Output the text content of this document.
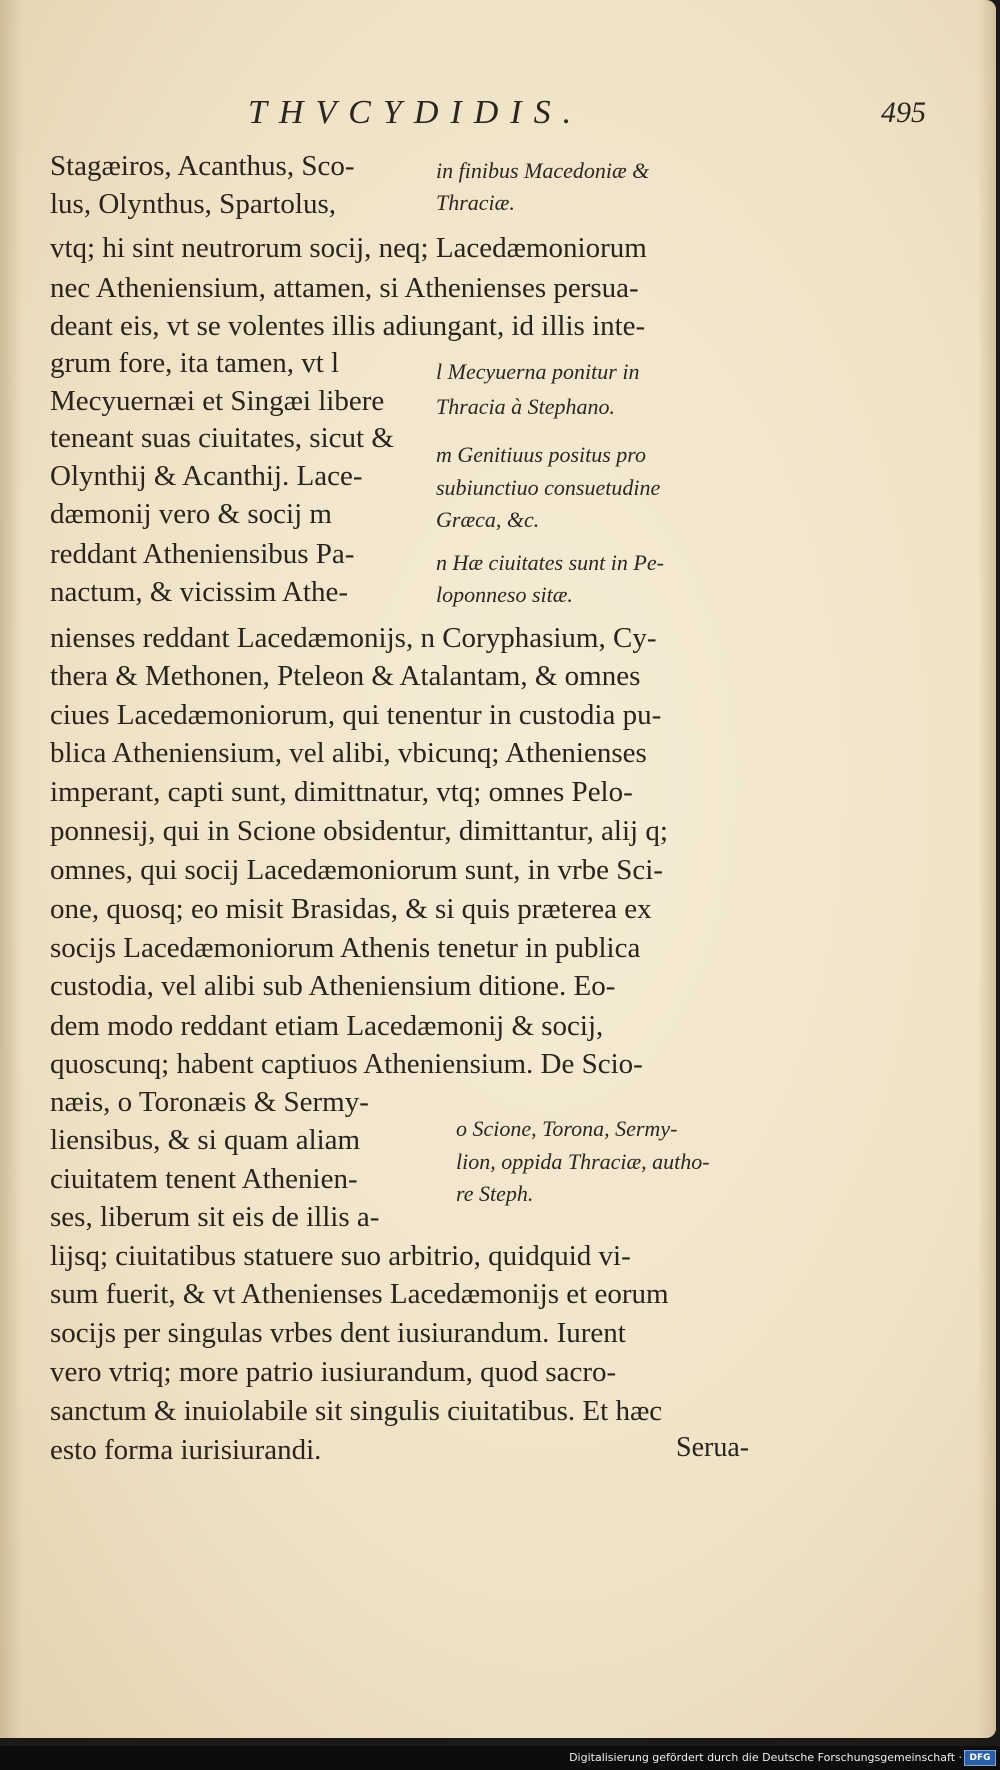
THVCYDIDIS.	495
Stagæiros, Acanthus, Sco-
lus, Olynthus, Spartolus,
vtq; hi sint neutrorum socij, neq; Lacedæmoniorum
nec Atheniensium, attamen, si Athenienses persua-
deant eis, vt se volentes illis adiungant, id illis inte-
grum fore, ita tamen, vt l
Mecyuernæi et Singæi libere
teneant suas ciuitates, sicut &
Olynthij & Acanthij. Lace-
dæmonij vero & socij m
reddant Atheniensibus Pa-
nactum, & vicissim Athe-
nienses reddant Lacedæmonijs, n Coryphasium, Cy-
thera & Methonen, Pteleon & Atalantam, & omnes
ciues Lacedæmoniorum, qui tenentur in custodia pu-
blica Atheniensium, vel alibi, vbicunq; Athenienses
imperant, capti sunt, dimittnatur, vtq; omnes Pelo-
ponnesij, qui in Scione obsidentur, dimittantur, alij q;
omnes, qui socij Lacedæmoniorum sunt, in vrbe Sci-
one, quosq; eo misit Brasidas, & si quis præterea ex
socijs Lacedæmoniorum Athenis tenetur in publica
custodia, vel alibi sub Atheniensium ditione. Eo-
dem modo reddant etiam Lacedæmonij & socij,
quoscunq; habent captiuos Atheniensium. De Scio-
næis, o Toronæis & Sermy-
liensibus, & si quam aliam
ciuitatem tenent Athenien-
ses, liberum sit eis de illis a-
lijsq; ciuitatibus statuere suo arbitrio, quidquid vi-
sum fuerit, & vt Athenienses Lacedæmonijs et eorum
socijs per singulas vrbes dent iusiurandum. Iurent
vero vtriq; more patrio iusiurandum, quod sacro-
sanctum & inuiolabile sit singulis ciuitatibus. Et hæc
esto forma iurisiurandi.	Serua-
in finibus Macedoniæ &
Thraciæ.
l Mecyuerna ponitur in
Thracia à Stephano.
m Genitiuus positus pro
subiunctiuo consuetudine
Græca, &c.
n Hæ ciuitates sunt in Pe-
loponneso sitæ.
o Scione, Torona, Sermy-
lion, oppida Thraciæ, autho-
re Steph.
Digitalisierung gefördert durch die Deutsche Forschungsgemeinschaft · DFG
